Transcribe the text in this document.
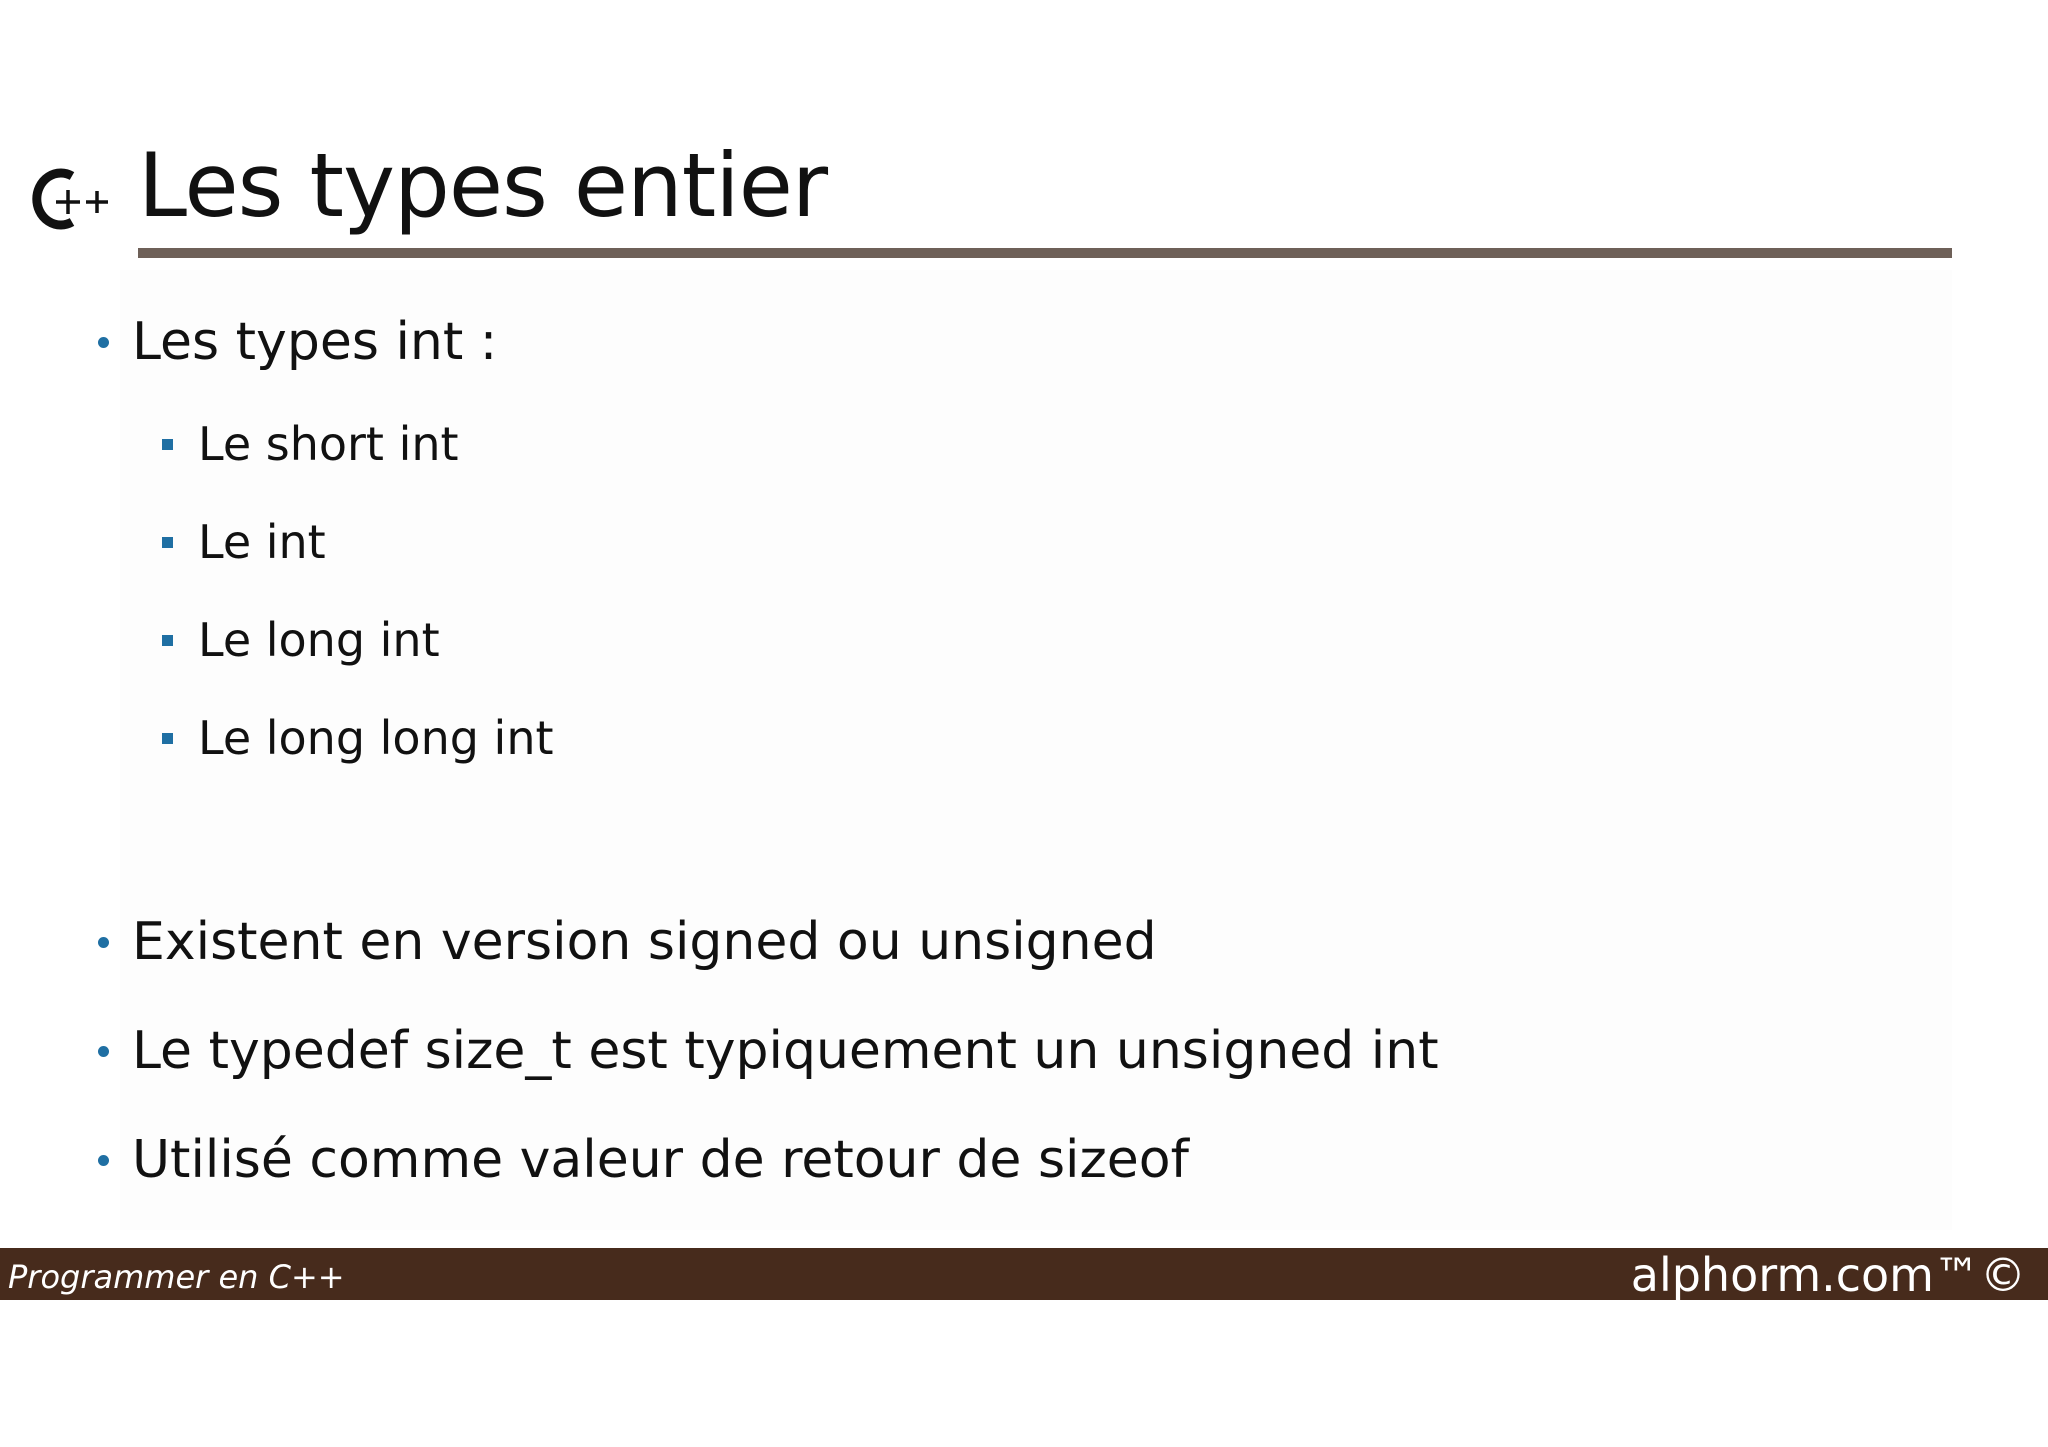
Les types entier
Les types int :
Le short int
Le int
Le long int
Le long long int
Existent en version signed ou unsigned
Le typedef size_t est typiquement un unsigned int
Utilisé comme valeur de retour de sizeof
Programmer en C++	alphorm.com™©
